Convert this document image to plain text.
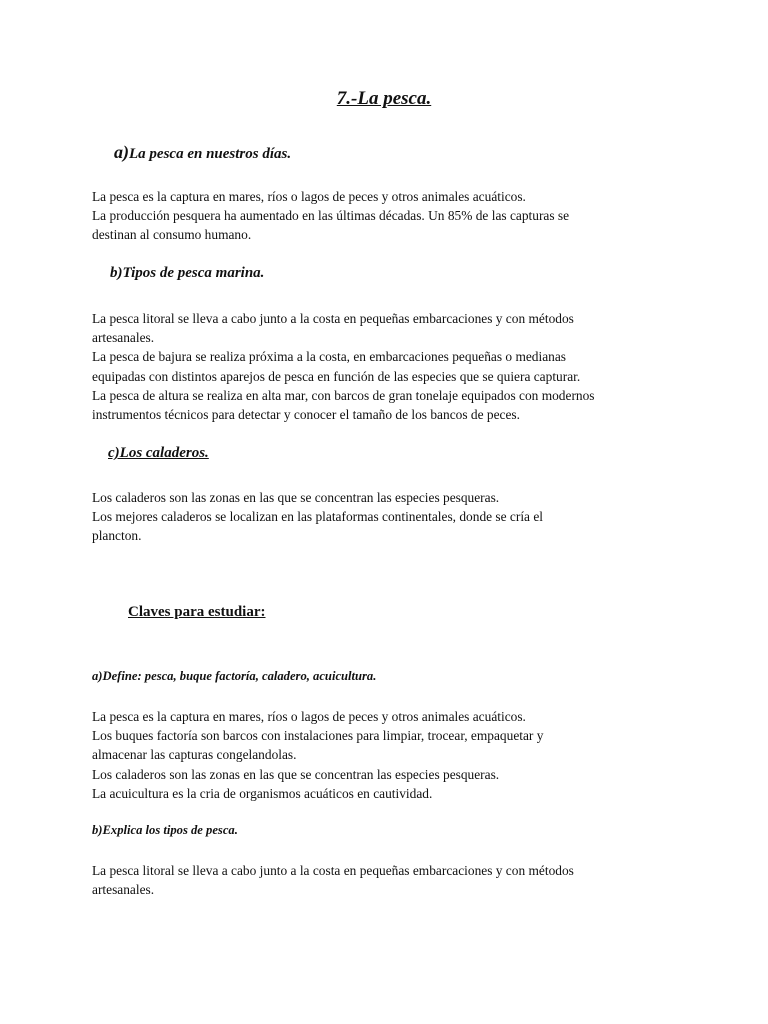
7.-La pesca.

a)La pesca en nuestros días.

La pesca es la captura en mares, ríos o lagos de peces y otros animales acuáticos.
La producción pesquera ha aumentado en las últimas décadas. Un 85% de las capturas se
destinan al consumo humano.

b)Tipos de pesca marina.

La pesca litoral se lleva a cabo junto a la costa en pequeñas embarcaciones y con métodos
artesanales.
La pesca de bajura se realiza próxima a la costa, en embarcaciones pequeñas o medianas
equipadas con distintos aparejos de pesca en función de las especies que se quiera capturar.
La pesca de altura se realiza en alta mar, con barcos de gran tonelaje equipados con modernos
instrumentos técnicos para detectar y conocer el tamaño de los bancos de peces.

c)Los caladeros.

Los caladeros son las zonas en las que se concentran las especies pesqueras.
Los mejores caladeros se localizan en las plataformas continentales, donde se cría el
plancton.

Claves para estudiar:

a)Define: pesca, buque factoría, caladero, acuicultura.

La pesca es la captura en mares, ríos o lagos de peces y otros animales acuáticos.
Los buques factoría son barcos con instalaciones para limpiar, trocear, empaquetar y
almacenar las capturas congelandolas.
Los caladeros son las zonas en las que se concentran las especies pesqueras.
La acuicultura es la cria de organismos acuáticos en cautividad.

b)Explica los tipos de pesca.

La pesca litoral se lleva a cabo junto a la costa en pequeñas embarcaciones y con métodos
artesanales.
